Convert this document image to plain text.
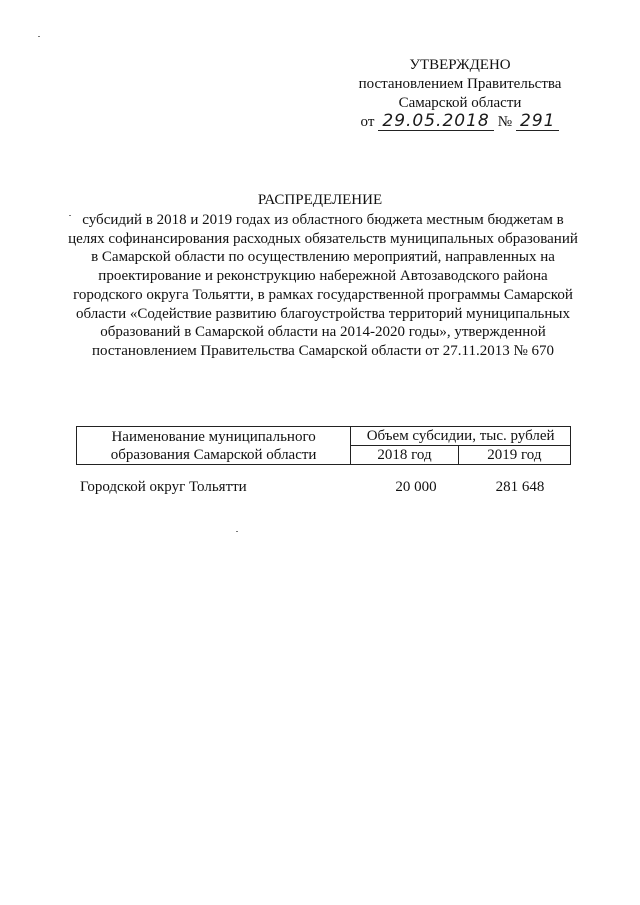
УТВЕРЖДЕНО
постановлением Правительства
Самарской области
от 29.05.2018 № 291
РАСПРЕДЕЛЕНИЕ
субсидий в 2018 и 2019 годах из областного бюджета местным бюджетам в целях софинансирования расходных обязательств муниципальных образований в Самарской области по осуществлению мероприятий, направленных на проектирование и реконструкцию набережной Автозаводского района городского округа Тольятти, в рамках государственной программы Самарской области «Содействие развитию благоустройства территорий муниципальных образований в Самарской области на 2014-2020 годы», утвержденной постановлением Правительства Самарской области от 27.11.2013 № 670
Наименование муниципального образования Самарской области	Объем субсидии, тыс. рублей	
	2018 год	2019 год
Городской округ Тольятти	20 000	281 648
